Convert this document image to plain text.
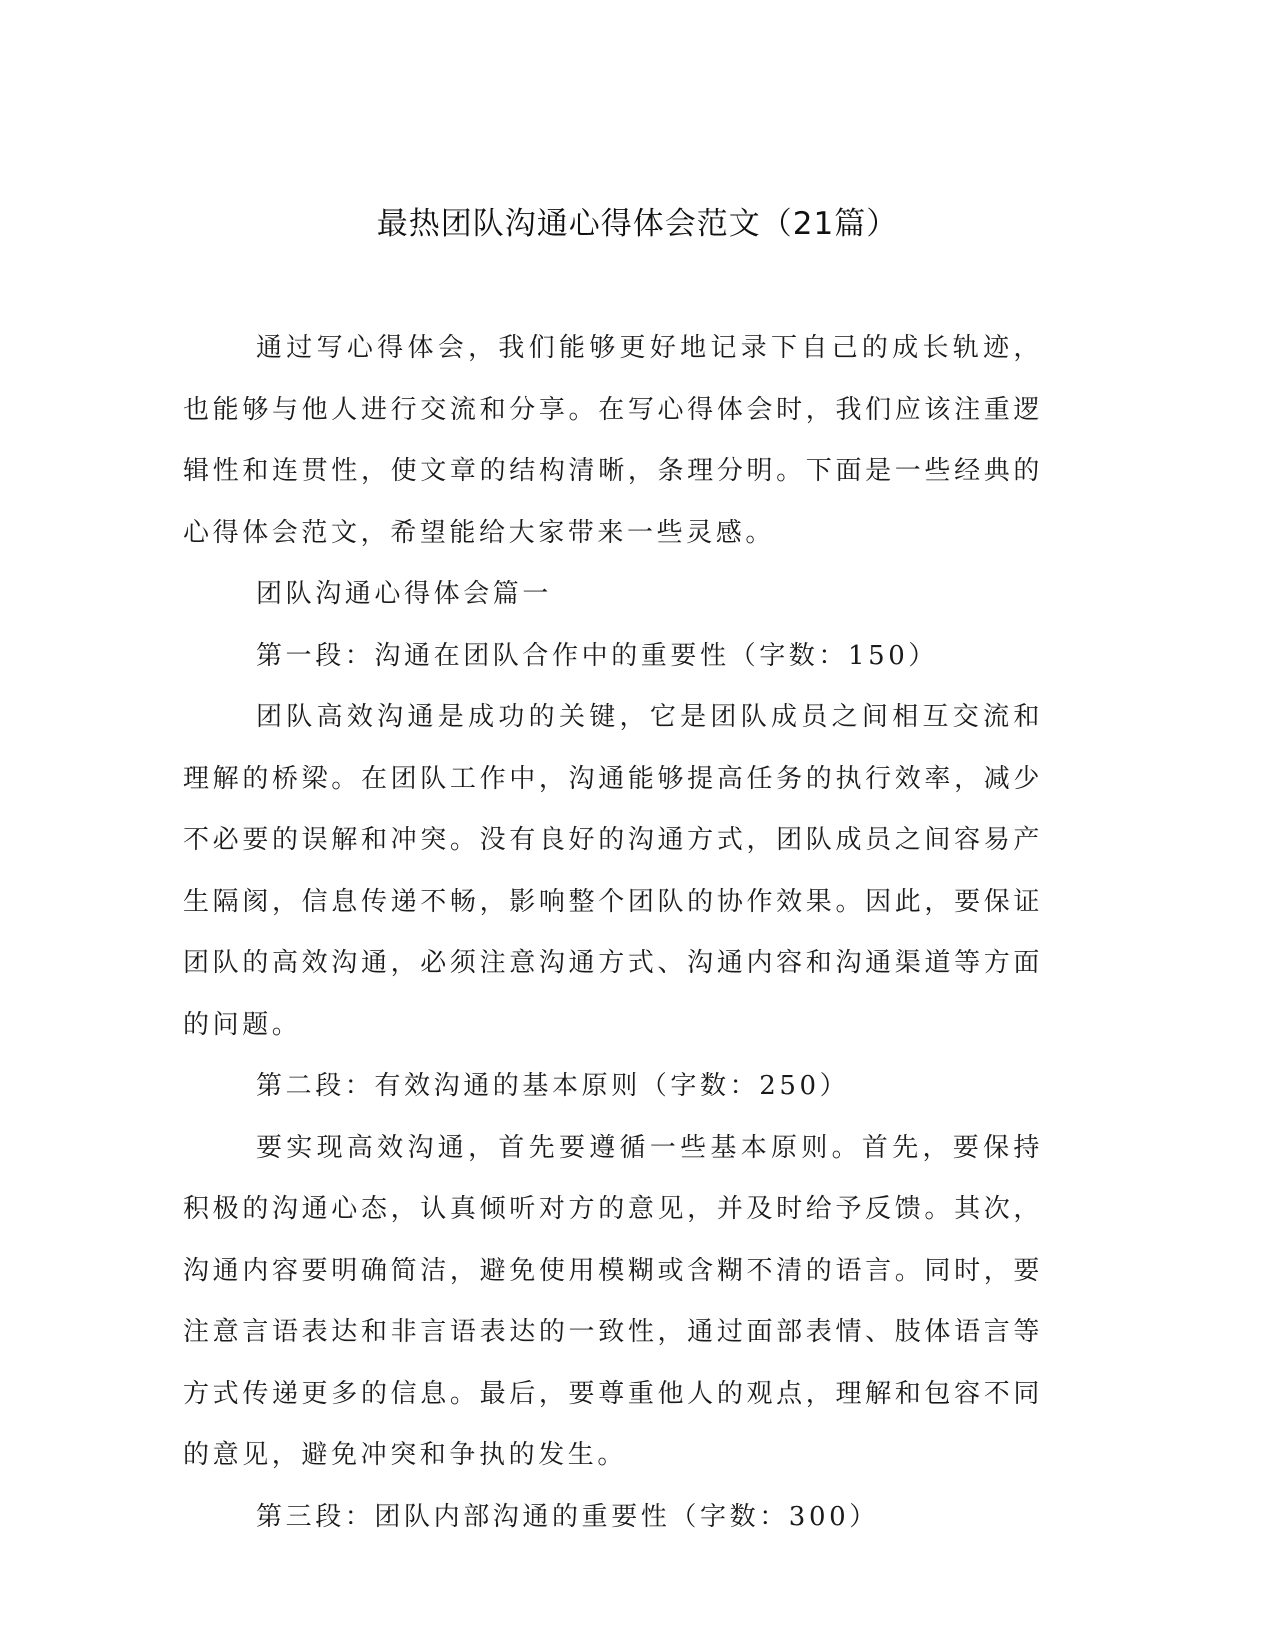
最热团队沟通心得体会范文（21篇）

通过写心得体会，我们能够更好地记录下自己的成长轨迹，也能够与他人进行交流和分享。在写心得体会时，我们应该注重逻辑性和连贯性，使文章的结构清晰，条理分明。下面是一些经典的心得体会范文，希望能给大家带来一些灵感。

团队沟通心得体会篇一

第一段：沟通在团队合作中的重要性（字数：150）

团队高效沟通是成功的关键，它是团队成员之间相互交流和理解的桥梁。在团队工作中，沟通能够提高任务的执行效率，减少不必要的误解和冲突。没有良好的沟通方式，团队成员之间容易产生隔阂，信息传递不畅，影响整个团队的协作效果。因此，要保证团队的高效沟通，必须注意沟通方式、沟通内容和沟通渠道等方面的问题。

第二段：有效沟通的基本原则（字数：250）

要实现高效沟通，首先要遵循一些基本原则。首先，要保持积极的沟通心态，认真倾听对方的意见，并及时给予反馈。其次，沟通内容要明确简洁，避免使用模糊或含糊不清的语言。同时，要注意言语表达和非言语表达的一致性，通过面部表情、肢体语言等方式传递更多的信息。最后，要尊重他人的观点，理解和包容不同的意见，避免冲突和争执的发生。

第三段：团队内部沟通的重要性（字数：300）
